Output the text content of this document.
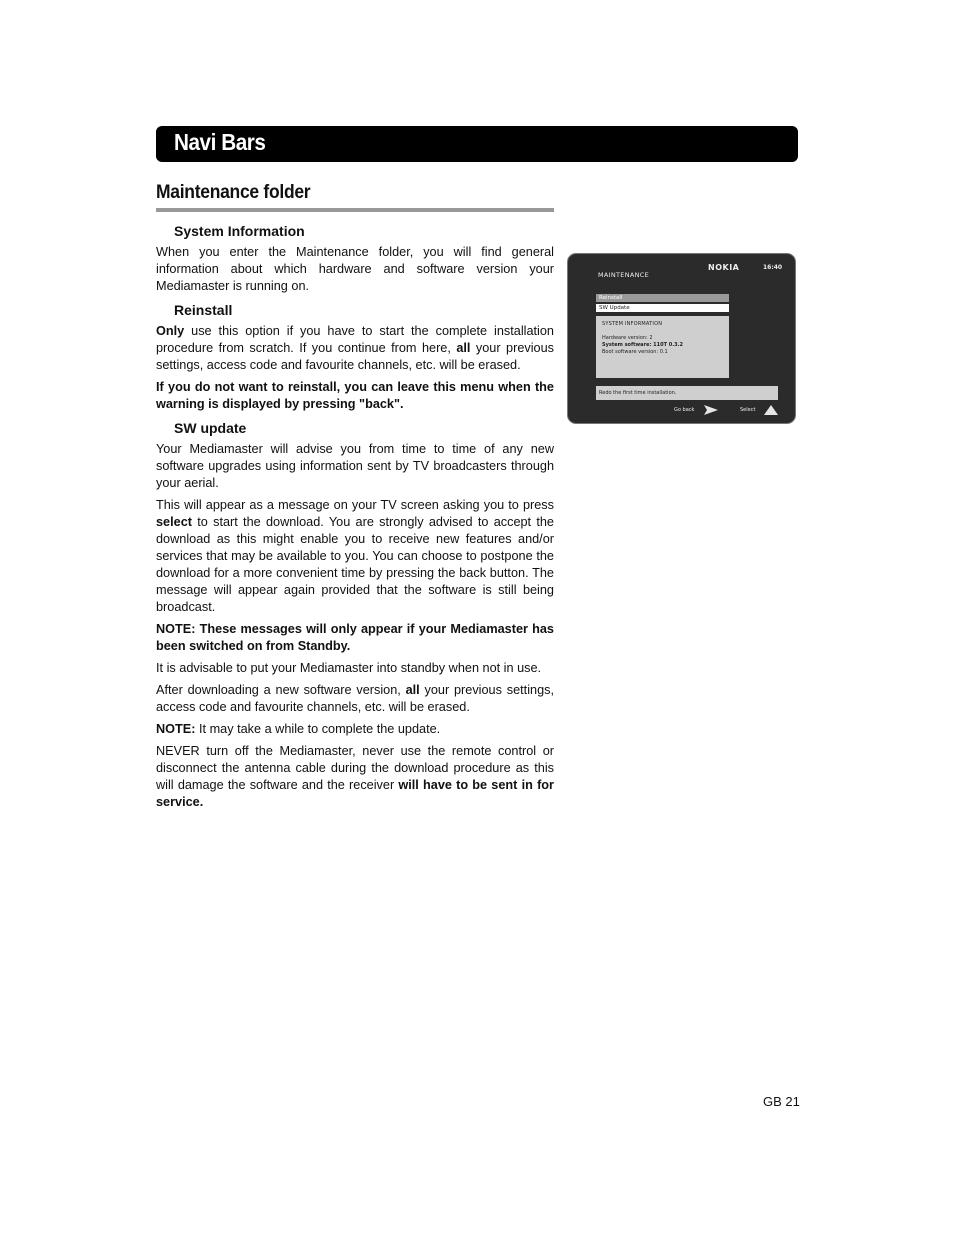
Navi Bars
Maintenance folder
System Information

When you enter the Maintenance folder, you will find general information about which hardware and software version your Mediamaster is running on.

Reinstall

Only use this option if you have to start the complete installation procedure from scratch. If you continue from here, all your previous settings, access code and favourite channels, etc. will be erased.

If you do not want to reinstall, you can leave this menu when the warning is displayed by pressing "back".

SW update

Your Mediamaster will advise you from time to time of any new software upgrades using information sent by TV broadcasters through your aerial.

This will appear as a message on your TV screen asking you to press select to start the download. You are strongly advised to accept the download as this might enable you to receive new features and/or services that may be available to you. You can choose to postpone the download for a more convenient time by pressing the back button. The message will appear again provided that the software is still being broadcast.

NOTE: These messages will only appear if your Mediamaster has been switched on from Standby.

It is advisable to put your Mediamaster into standby when not in use.

After downloading a new software version, all your previous settings, access code and favourite channels, etc. will be erased.

NOTE: It may take a while to complete the update.

NEVER turn off the Mediamaster, never use the remote control or disconnect the antenna cable during the download procedure as this will damage the software and the receiver will have to be sent in for service.

MAINTENANCE
NOKIA	16:40
Reinstall
SW Update
SYSTEM INFORMATION
Hardware version: 2
System software: 110T 0.3.2
Boot software version: 0.1
Redo the first time installation.
Go back	Select
GB 21
